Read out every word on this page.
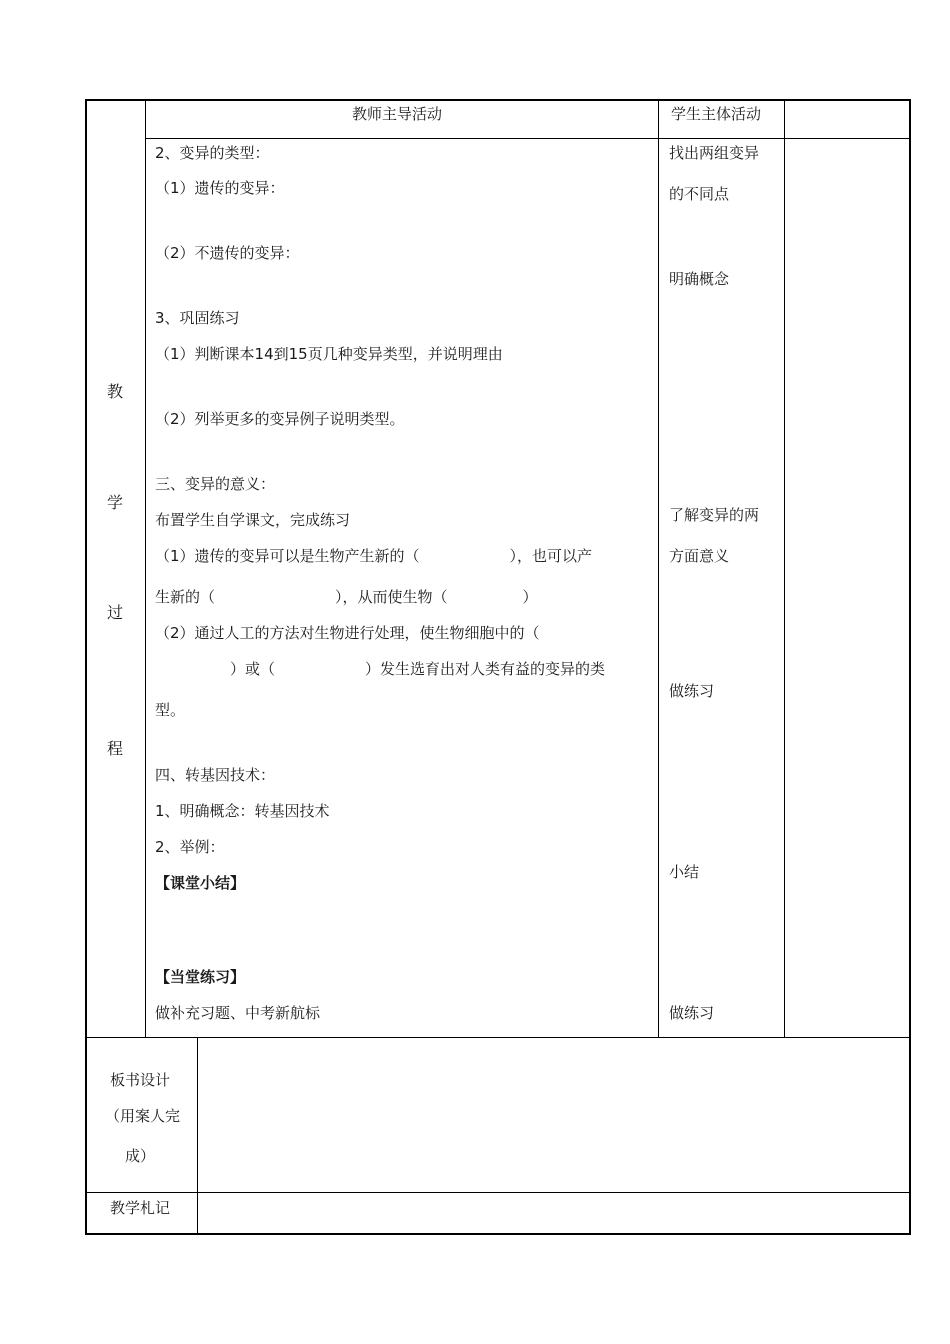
教师主导活动	学生主体活动
教
学
过
程
2、变异的类型：
（1）遗传的变异：
（2）不遗传的变异：
3、巩固练习
（1）判断课本14到15页几种变异类型，并说明理由
（2）列举更多的变异例子说明类型。
三、变异的意义：
布置学生自学课文，完成练习
（1）遗传的变异可以是生物产生新的（　　　　　　），也可以产
生新的（　　　　　　　　），从而使生物（　　　　　）
（2）通过人工的方法对生物进行处理，使生物细胞中的（
　　　　　）或（　　　　　　）发生选育出对人类有益的变异的类
型。
四、转基因技术：
1、明确概念：转基因技术
2、举例：
【课堂小结】
【当堂练习】
做补充习题、中考新航标
找出两组变异
的不同点
明确概念
了解变异的两
方面意义
做练习
小结
做练习
板书设计
（用案人完
成）
教学札记
